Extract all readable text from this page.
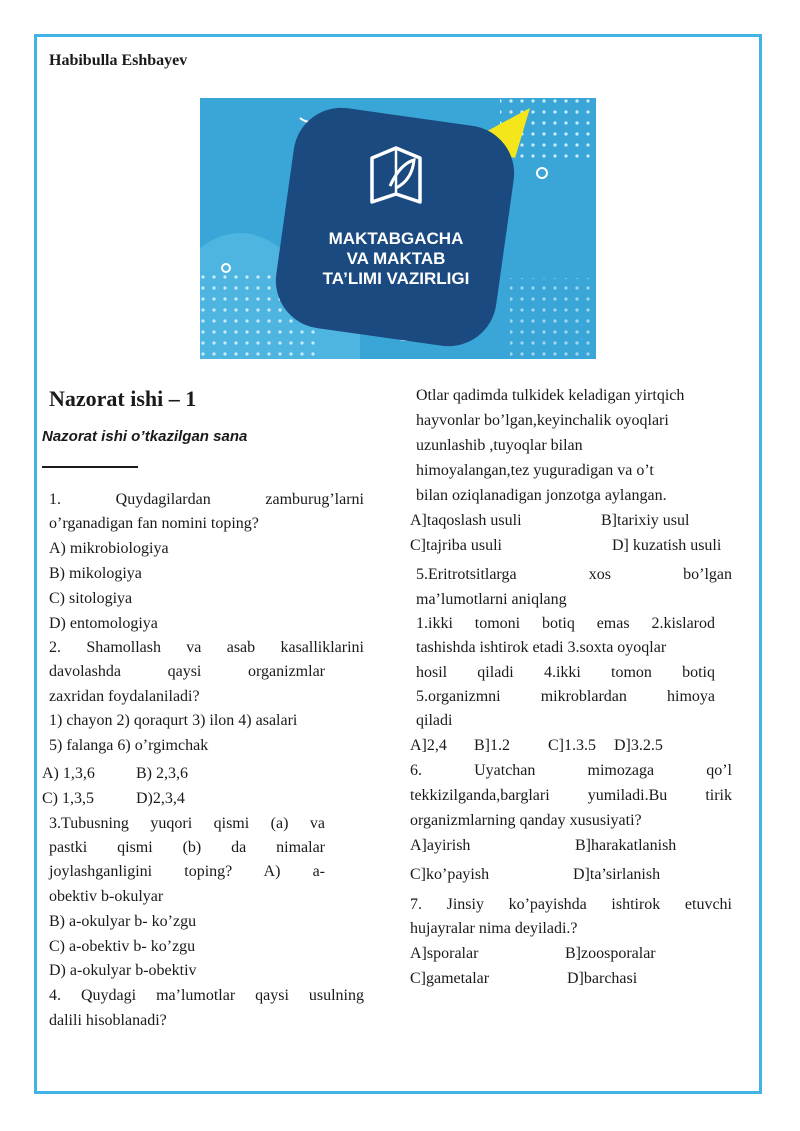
Habibulla Eshbayev
MAKTABGACHA
VA MAKTAB
TA’LIMI VAZIRLIGI
Nazorat ishi – 1
Nazorat ishi o’tkazilgan sana
1. Quydagilardan zamburug’larni
o’rganadigan fan nomini toping?
A) mikrobiologiya
B) mikologiya
C) sitologiya
D) entomologiya
2. Shamollash va asab kasalliklarini
davolashda qaysi organizmlar
zaxridan foydalaniladi?
1) chayon 2) qoraqurt 3) ilon 4) asalari
5) falanga 6) o’rgimchak
A) 1,3,6	B) 2,3,6
C) 1,3,5	D)2,3,4
3.Tubusning yuqori qismi (a) va
pastki qismi (b) da nimalar
joylashganligini toping? A) a-
obektiv b-okulyar
B) a-okulyar b- ko’zgu
C) a-obektiv b- ko’zgu
D) a-okulyar b-obektiv
4. Quydagi ma’lumotlar qaysi usulning
dalili hisoblanadi?
Otlar qadimda tulkidek keladigan yirtqich
hayvonlar bo’lgan,keyinchalik oyoqlari
uzunlashib ,tuyoqlar bilan
himoyalangan,tez yuguradigan va o’t
bilan oziqlanadigan jonzotga aylangan.
A]taqoslash usuli	B]tarixiy usul
C]tajriba usuli	D] kuzatish usuli
5.Eritrotsitlarga xos bo’lgan
ma’lumotlarni aniqlang
1.ikki tomoni botiq emas 2.kislarod
tashishda ishtirok etadi 3.soxta oyoqlar
hosil qiladi 4.ikki tomon botiq
5.organizmni mikroblardan himoya
qiladi
A]2,4 B]1.2 C]1.3.5 D]3.2.5
6. Uyatchan mimozaga qo’l
tekkizilganda,barglari yumiladi.Bu tirik
organizmlarning qanday xususiyati?
A]ayirish	B]harakatlanish
C]ko’payish	D]ta’sirlanish
7. Jinsiy ko’payishda ishtirok etuvchi
hujayralar nima deyiladi.?
A]sporalar	B]zoosporalar
C]gametalar	D]barchasi
